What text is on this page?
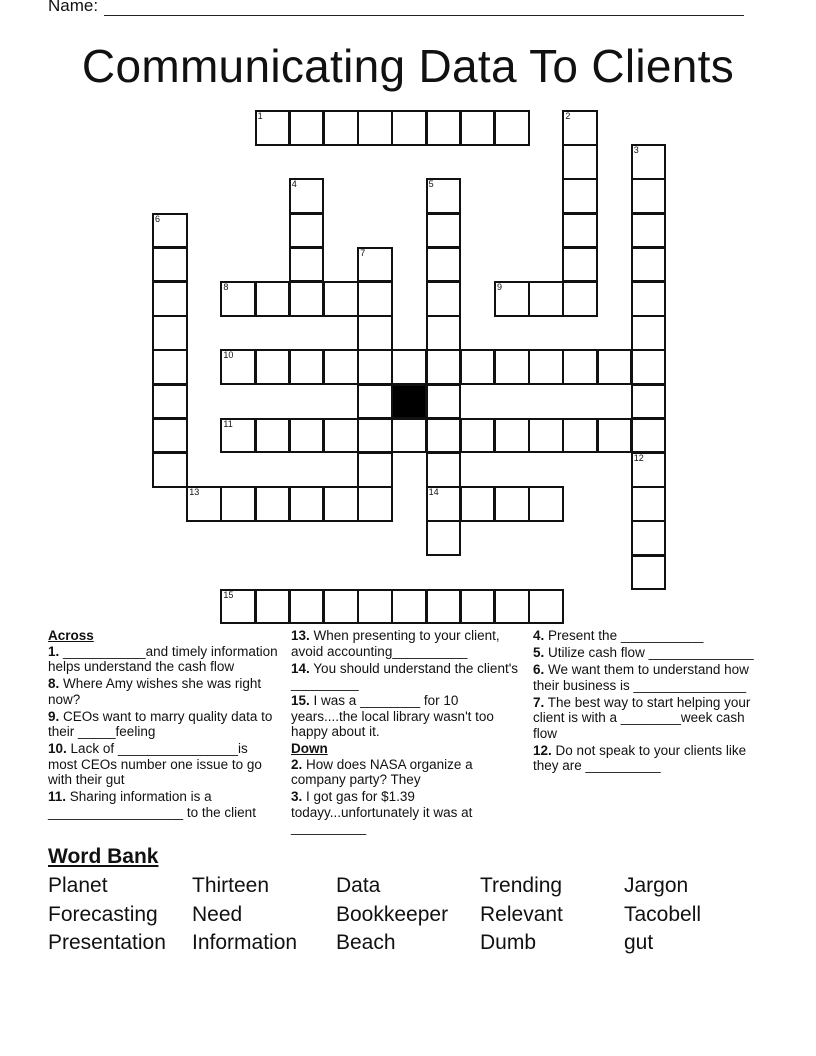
Name:
Communicating Data To Clients
1	2
3
4	5
14
6
7
8	9
10
11
12
13
15
Across
1. ___________and timely information helps understand the cash flow
8. Where Amy wishes she was right now?
9. CEOs want to marry quality data to their _____feeling
10. Lack of ________________is most CEOs number one issue to go with their gut
11. Sharing information is a __________________ to the client
13. When presenting to your client, avoid accounting__________
14. You should understand the client's _________
15. I was a ________ for 10 years....the local library wasn't too happy about it.
Down
2. How does NASA organize a company party? They
3. I got gas for $1.39 todayy...unfortunately it was at __________
4. Present the ___________
5. Utilize cash flow ______________
6. We want them to understand how their business is _______________
7. The best way to start helping your client is with a ________week cash flow
12. Do not speak to your clients like they are __________
Word Bank
Planet	Thirteen	Data	Trending	Jargon
Forecasting	Need	Bookkeeper	Relevant	Tacobell
Presentation	Information	Beach	Dumb	gut
